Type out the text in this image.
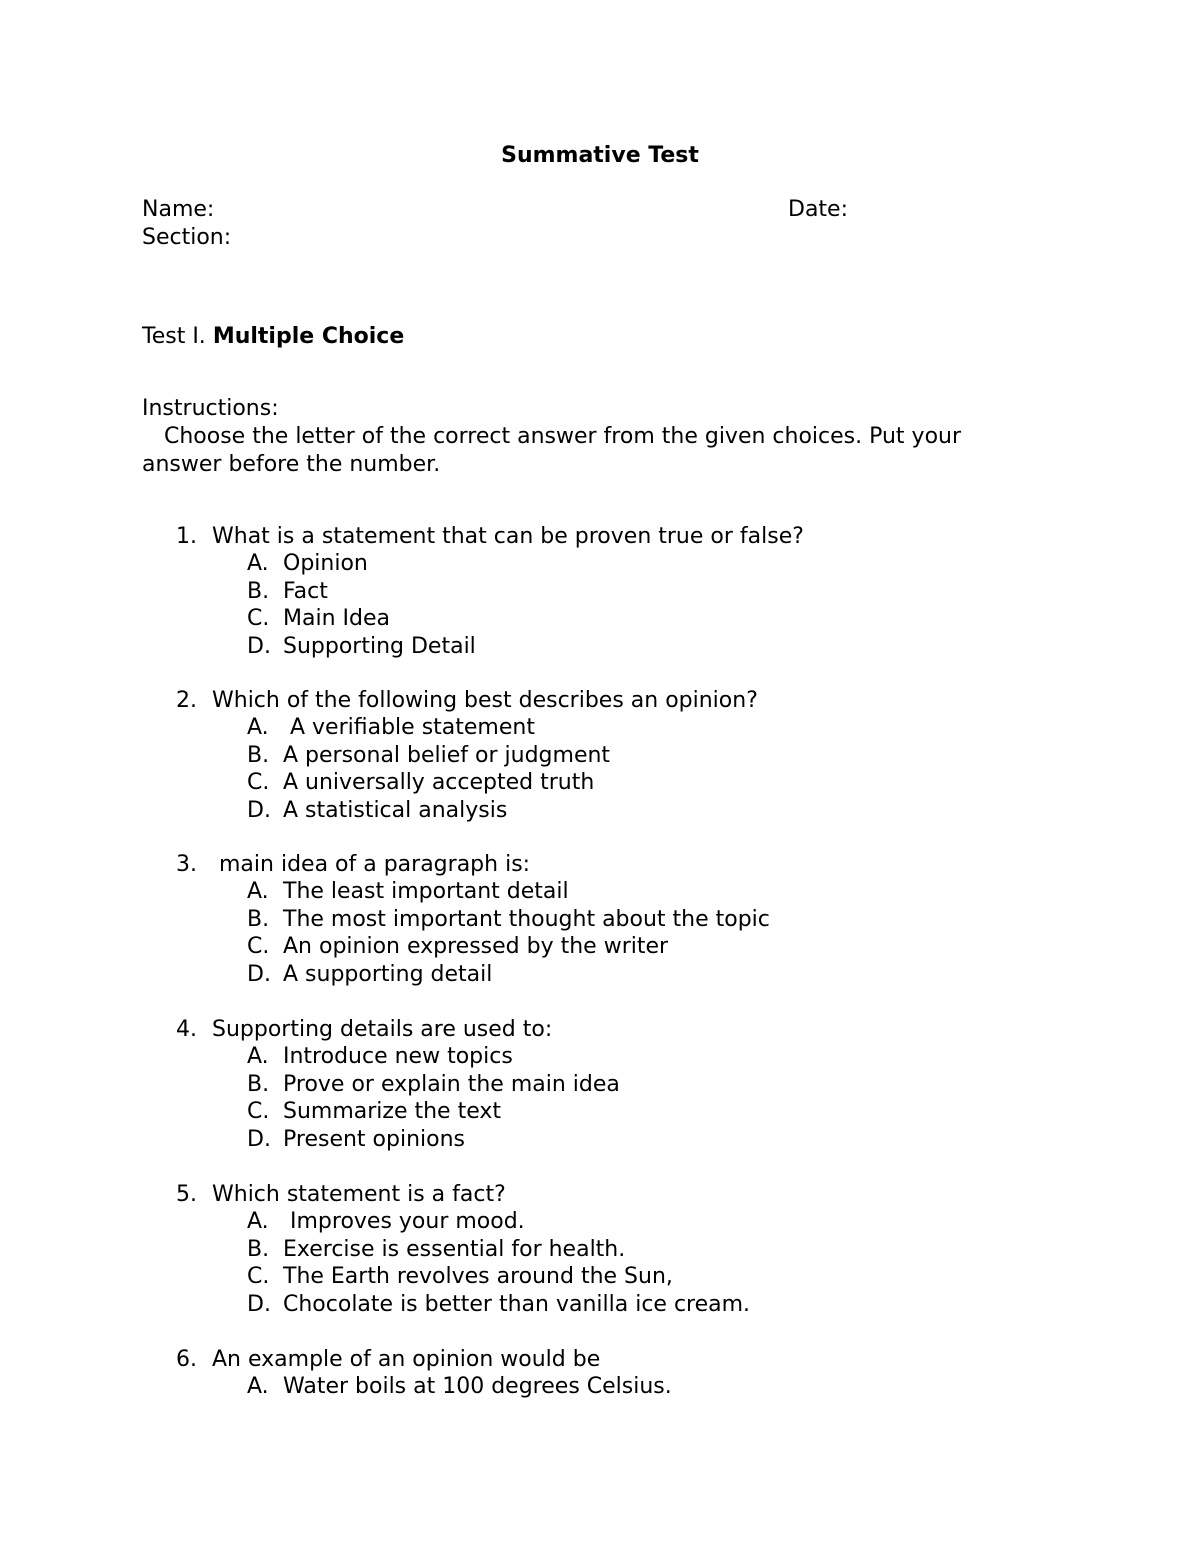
Summative Test
Name:	Date:
Section:
Test I. Multiple Choice
Instructions:
Choose the letter of the correct answer from the given choices. Put your answer before the number.
1. What is a statement that can be proven true or false?
A. Opinion
B. Fact
C. Main Idea
D. Supporting Detail
2. Which of the following best describes an opinion?
A. A verifiable statement
B. A personal belief or judgment
C. A universally accepted truth
D. A statistical analysis
3. main idea of a paragraph is:
A. The least important detail
B. The most important thought about the topic
C. An opinion expressed by the writer
D. A supporting detail
4. Supporting details are used to:
A. Introduce new topics
B. Prove or explain the main idea
C. Summarize the text
D. Present opinions
5. Which statement is a fact?
A. Improves your mood.
B. Exercise is essential for health.
C. The Earth revolves around the Sun,
D. Chocolate is better than vanilla ice cream.
6. An example of an opinion would be
A. Water boils at 100 degrees Celsius.
